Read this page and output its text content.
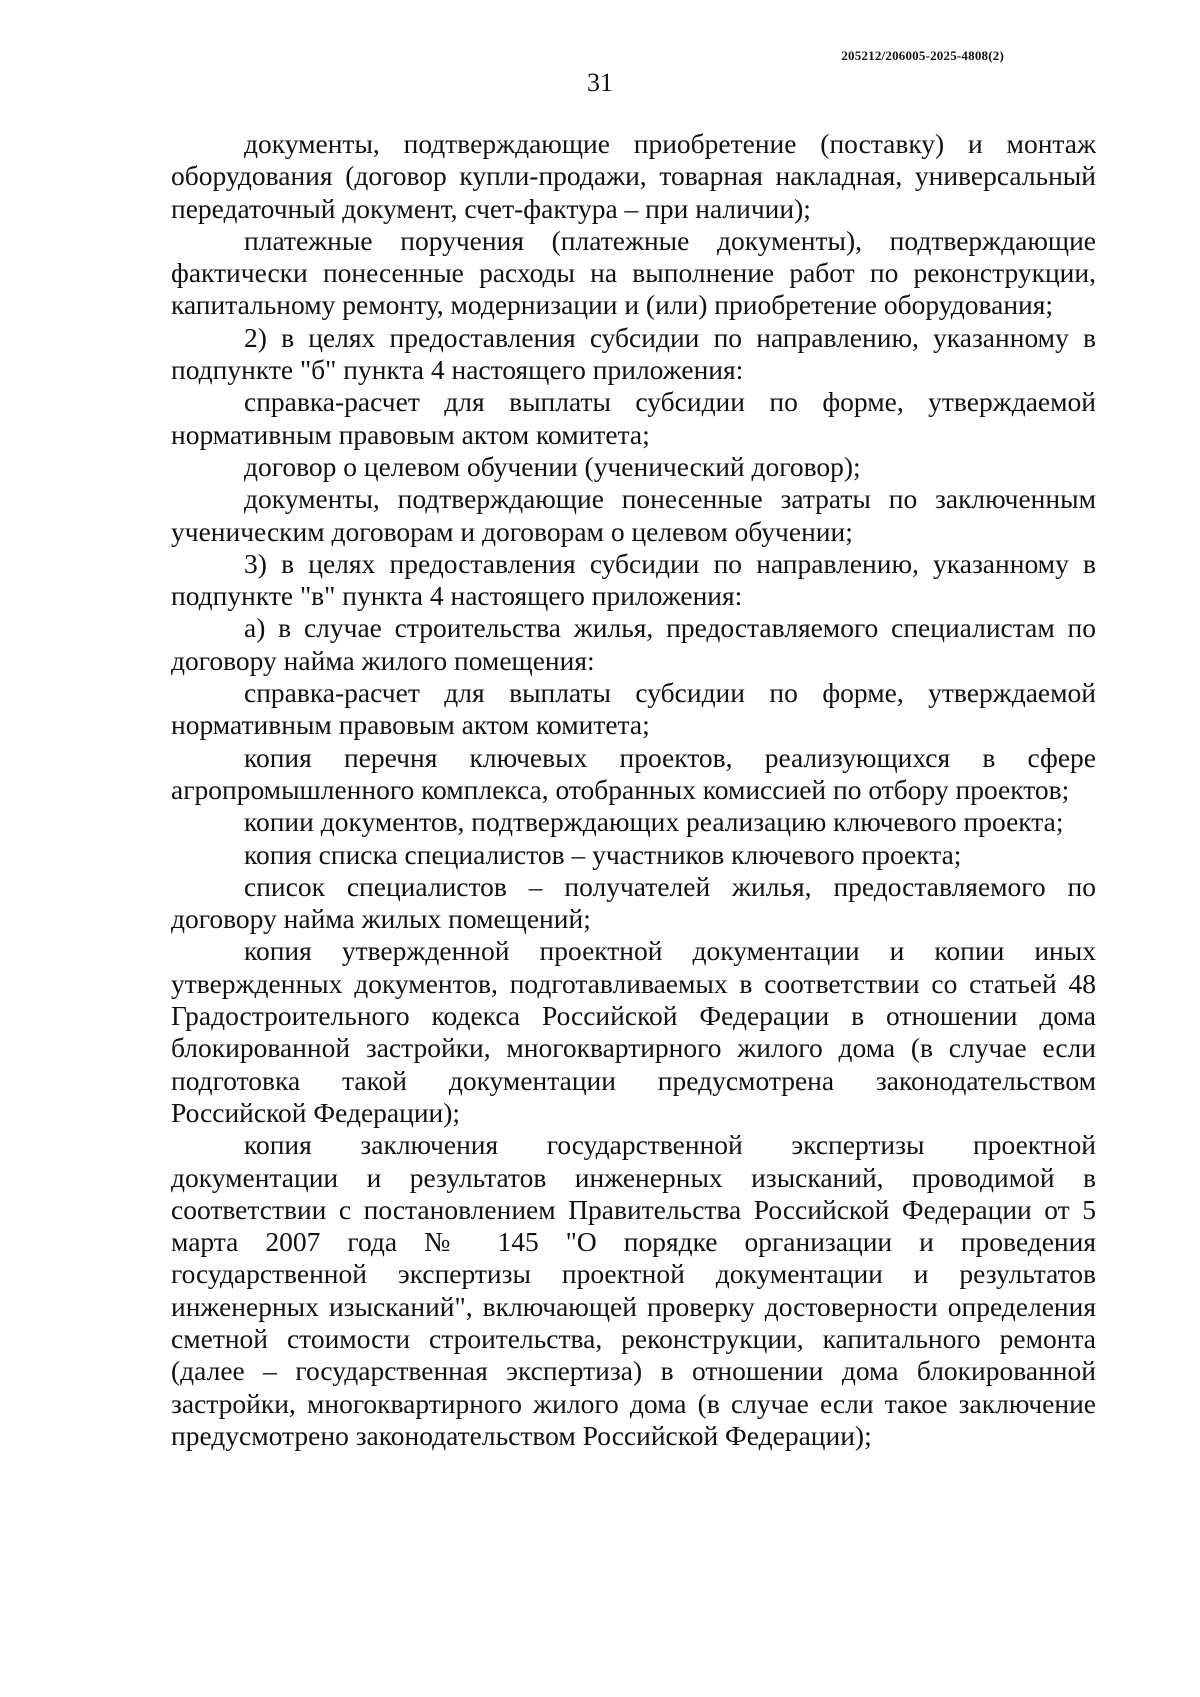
205212/206005-2025-4808(2)
31

документы, подтверждающие приобретение (поставку) и монтаж оборудования (договор купли-продажи, товарная накладная, универсальный передаточный документ, счет-фактура – при наличии);

платежные поручения (платежные документы), подтверждающие фактически понесенные расходы на выполнение работ по реконструкции, капитальному ремонту, модернизации и (или) приобретение оборудования;

2) в целях предоставления субсидии по направлению, указанному в подпункте "б" пункта 4 настоящего приложения:

справка-расчет для выплаты субсидии по форме, утверждаемой нормативным правовым актом комитета;

договор о целевом обучении (ученический договор);

документы, подтверждающие понесенные затраты по заключенным ученическим договорам и договорам о целевом обучении;

3) в целях предоставления субсидии по направлению, указанному в подпункте "в" пункта 4 настоящего приложения:

а) в случае строительства жилья, предоставляемого специалистам по договору найма жилого помещения:

справка-расчет для выплаты субсидии по форме, утверждаемой нормативным правовым актом комитета;

копия перечня ключевых проектов, реализующихся в сфере агропромышленного комплекса, отобранных комиссией по отбору проектов;

копии документов, подтверждающих реализацию ключевого проекта;

копия списка специалистов – участников ключевого проекта;

список специалистов – получателей жилья, предоставляемого по договору найма жилых помещений;

копия утвержденной проектной документации и копии иных утвержденных документов, подготавливаемых в соответствии со статьей 48 Градостроительного кодекса Российской Федерации в отношении дома блокированной застройки, многоквартирного жилого дома (в случае если подготовка такой документации предусмотрена законодательством Российской Федерации);

копия заключения государственной экспертизы проектной документации и результатов инженерных изысканий, проводимой в соответствии с постановлением Правительства Российской Федерации от 5 марта 2007 года № 145 "О порядке организации и проведения государственной экспертизы проектной документации и результатов инженерных изысканий", включающей проверку достоверности определения сметной стоимости строительства, реконструкции, капитального ремонта (далее – государственная экспертиза) в отношении дома блокированной застройки, многоквартирного жилого дома (в случае если такое заключение предусмотрено законодательством Российской Федерации);
